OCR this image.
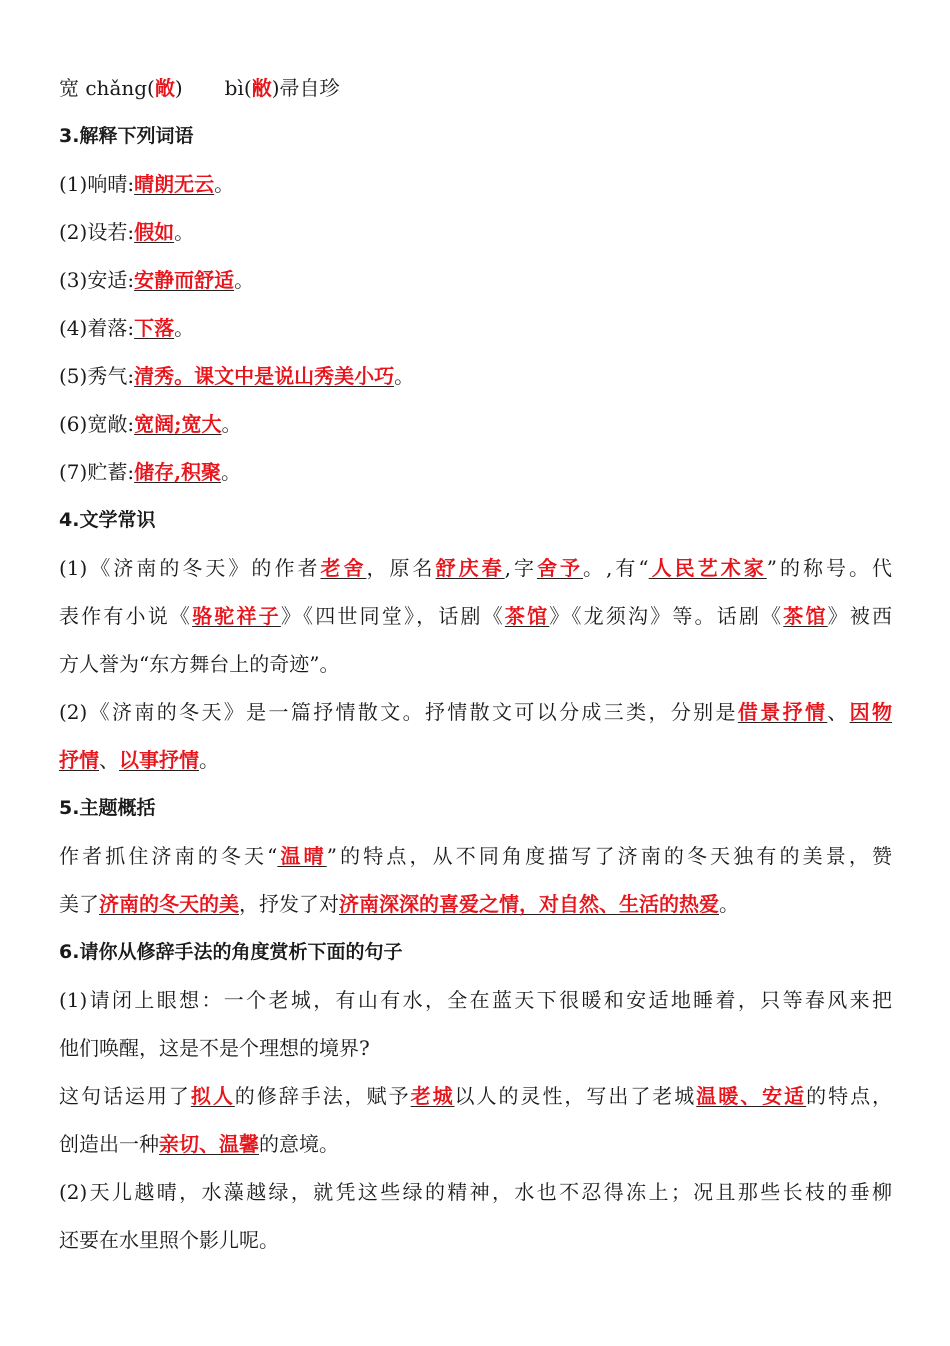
宽 chǎng(敞) bì(敝)帚自珍
3.解释下列词语
(1)响晴:晴朗无云。
(2)设若:假如。
(3)安适:安静而舒适。
(4)着落:下落。
(5)秀气:清秀。课文中是说山秀美小巧。
(6)宽敞:宽阔;宽大。
(7)贮蓄:储存,积聚。
4.文学常识
(1)《济南的冬天》的作者老舍，原名舒庆春,字舍予。,有“人民艺术家”的称号。代
表作有小说《骆驼祥子》《四世同堂》，话剧《茶馆》《龙须沟》等。话剧《茶馆》被西
方人誉为“东方舞台上的奇迹”。
(2)《济南的冬天》是一篇抒情散文。抒情散文可以分成三类，分别是借景抒情、因物
抒情、以事抒情。
5.主题概括
作者抓住济南的冬天“温晴”的特点，从不同角度描写了济南的冬天独有的美景，赞
美了济南的冬天的美，抒发了对济南深深的喜爱之情，对自然、生活的热爱。
6.请你从修辞手法的角度赏析下面的句子
(1)请闭上眼想：一个老城，有山有水，全在蓝天下很暖和安适地睡着，只等春风来把
他们唤醒，这是不是个理想的境界?
这句话运用了拟人的修辞手法，赋予老城以人的灵性，写出了老城温暖、安适的特点，
创造出一种亲切、温馨的意境。
(2)天儿越晴，水藻越绿，就凭这些绿的精神，水也不忍得冻上；况且那些长枝的垂柳
还要在水里照个影儿呢。
